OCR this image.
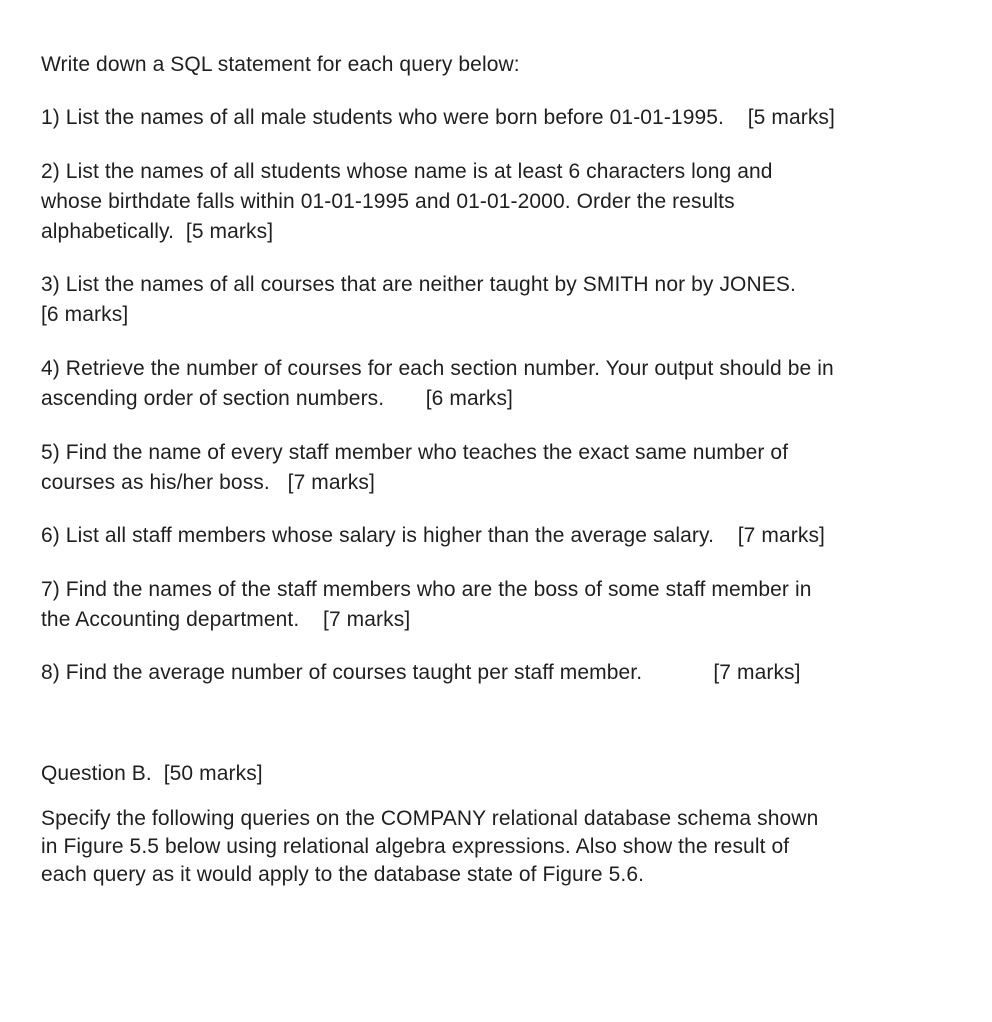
Write down a SQL statement for each query below:
1) List the names of all male students who were born before 01-01-1995.    [5 marks]
2) List the names of all students whose name is at least 6 characters long and
whose birthdate falls within 01-01-1995 and 01-01-2000. Order the results
alphabetically.  [5 marks]
3) List the names of all courses that are neither taught by SMITH nor by JONES.
[6 marks]
4) Retrieve the number of courses for each section number. Your output should be in
ascending order of section numbers.       [6 marks]
5) Find the name of every staff member who teaches the exact same number of
courses as his/her boss.   [7 marks]
6) List all staff members whose salary is higher than the average salary.    [7 marks]
7) Find the names of the staff members who are the boss of some staff member in
the Accounting department.    [7 marks]
8) Find the average number of courses taught per staff member.            [7 marks]
Question B.  [50 marks]
Specify the following queries on the COMPANY relational database schema shown
in Figure 5.5 below using relational algebra expressions. Also show the result of
each query as it would apply to the database state of Figure 5.6.
